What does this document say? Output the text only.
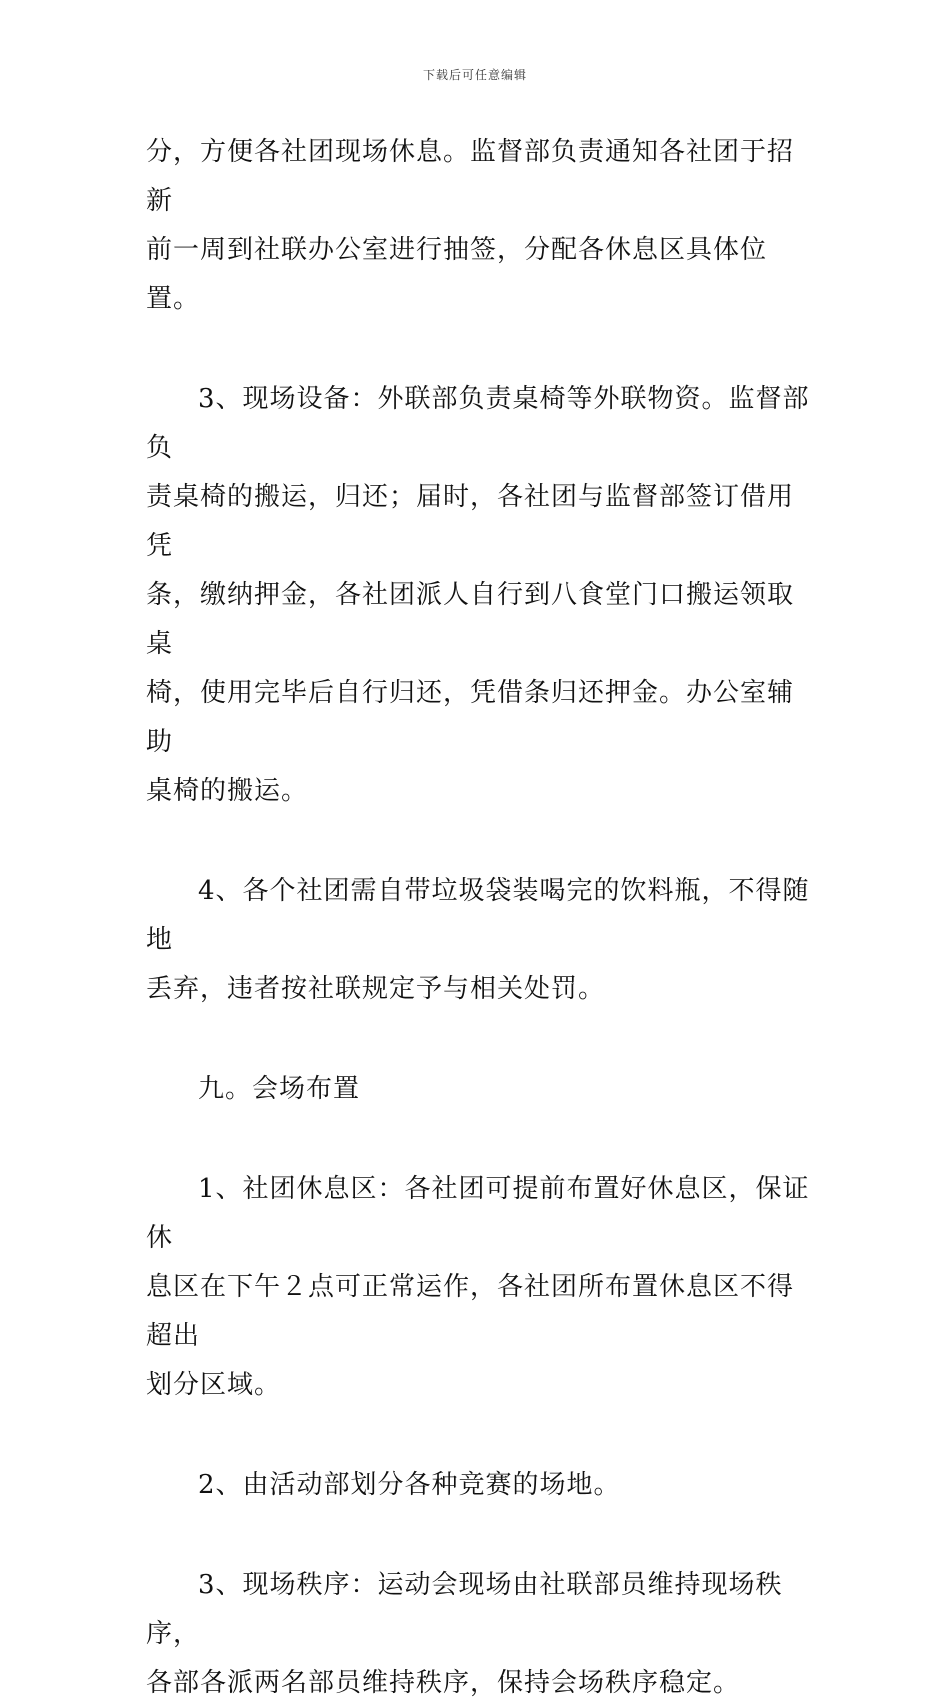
下载后可任意编辑

分，方便各社团现场休息。监督部负责通知各社团于招新

前一周到社联办公室进行抽签，分配各休息区具体位置。

3、现场设备：外联部负责桌椅等外联物资。监督部负

责桌椅的搬运，归还；届时，各社团与监督部签订借用凭

条，缴纳押金，各社团派人自行到八食堂门口搬运领取桌

椅，使用完毕后自行归还，凭借条归还押金。办公室辅助

桌椅的搬运。

4、各个社团需自带垃圾袋装喝完的饮料瓶，不得随地

丢弃，违者按社联规定予与相关处罚。

九。会场布置

1、社团休息区：各社团可提前布置好休息区，保证休

息区在下午２点可正常运作，各社团所布置休息区不得超出

划分区域。

2、由活动部划分各种竞赛的场地。

3、现场秩序：运动会现场由社联部员维持现场秩序，

各部各派两名部员维持秩序，保持会场秩序稳定。
